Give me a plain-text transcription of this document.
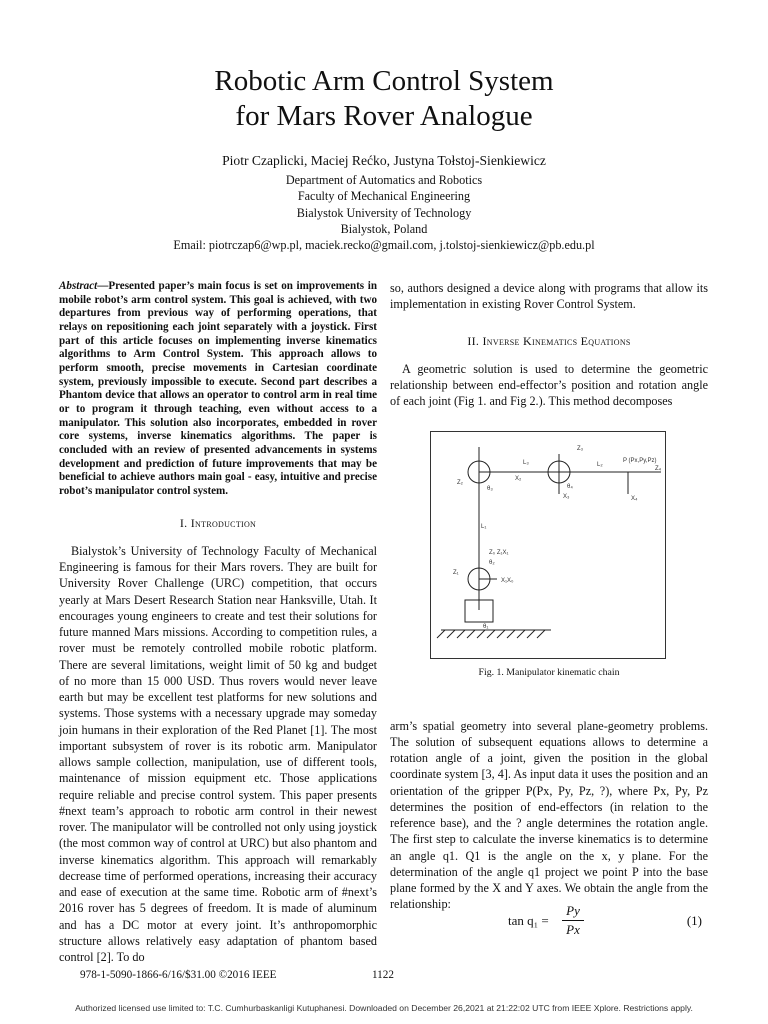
Robotic Arm Control System
for Mars Rover Analogue
Piotr Czaplicki, Maciej Rećko, Justyna Tołstoj-Sienkiewicz
Department of Automatics and Robotics
Faculty of Mechanical Engineering
Bialystok University of Technology
Bialystok, Poland
Email: piotrczap6@wp.pl, maciek.recko@gmail.com, j.tolstoj-sienkiewicz@pb.edu.pl
Abstract—Presented paper’s main focus is set on improvements in mobile robot’s arm control system. This goal is achieved, with two departures from previous way of performing operations, that relays on repositioning each joint separately with a joystick. First part of this article focuses on implementing inverse kinematics algorithms to Arm Control System. This approach allows to perform smooth, precise movements in Cartesian coordinate system, previously impossible to execute. Second part describes a Phantom device that allows an operator to control arm in real time or to program it through teaching, even without access to a manipulator. This solution also incorporates, embedded in rover core systems, inverse kinematics algorithms. The paper is concluded with an review of presented advancements in systems development and prediction of future improvements that may be beneficial to achieve authors main goal - easy, intuitive and precise robot’s manipulator control system.
I. Introduction

Bialystok’s University of Technology Faculty of Mechanical Engineering is famous for their Mars rovers. They are built for University Rover Challenge (URC) competition, that occurs yearly at Mars Desert Research Station near Hanksville, Utah. It encourages young engineers to create and test their solutions for future manned Mars missions. According to competition rules, a rover must be remotely controlled mobile robotic platform. There are several limitations, weight limit of 50 kg and budget of no more than 15 000 USD. Thus rovers would never leave earth but may be excellent test platforms for new solutions and systems. Those systems with a necessary upgrade may someday join humans in their exploration of the Red Planet [1]. The most important subsystem of rover is its robotic arm. Manipulator allows sample collection, manipulation, use of different tools, maintenance of mission equipment etc. Those applications require reliable and precise control system. This paper presents #next team’s approach to robotic arm control in their newest rover. The manipulator will be controlled not only using joystick (the most common way of control at URC) but also phantom and inverse kinematics algorithm. This approach will remarkably decrease time of performed operations, increasing their accuracy and ease of execution at the same time. Robotic arm of #next’s 2016 rover has 5 degrees of freedom. It is made of aluminum and has a DC motor at every joint. It’s anthropomorphic structure allows relatively easy adaptation of phantom based control [2]. To do

so, authors designed a device along with programs that allow its implementation in existing Rover Control System.

II. Inverse Kinematics Equations

A geometric solution is used to determine the geometric relationship between end-effector’s position and rotation angle of each joint (Fig 1. and Fig 2.). This method decomposes

arm’s spatial geometry into several plane-geometry problems. The solution of subsequent equations allows to determine a rotation angle of a joint, given the position in the global coordinate system [3, 4]. As input data it uses the position and an orientation of the gripper P(Px, Py, Pz, ?), where Px, Py, Pz determines the position of end-effectors (in relation to the reference base), and the ? angle determines the rotation angle. The first step to calculate the inverse kinematics is to determine an angle q1. Q1 is the angle on the x, y plane. For the determination of the angle q1 project we point P into the base plane formed by the X and Y axes. We obtain the angle from the relationship:

Z₃
P (Px,Py,Pz)
L₃	L₂
X₂
Z₄
Z₂
θ₃	θ₄
X₃	X₄
L₁
Z₀ Z₁X₁
Z₁
θ₂
X₁X₀
θ₁
Fig. 1. Manipulator kinematic chain
tan q₁ =
Py
Px
(1)
978-1-5090-1866-6/16/$31.00 ©2016 IEEE	1122
Authorized licensed use limited to: T.C. Cumhurbaskanligi Kutuphanesi. Downloaded on December 26,2021 at 21:22:02 UTC from IEEE Xplore. Restrictions apply.
